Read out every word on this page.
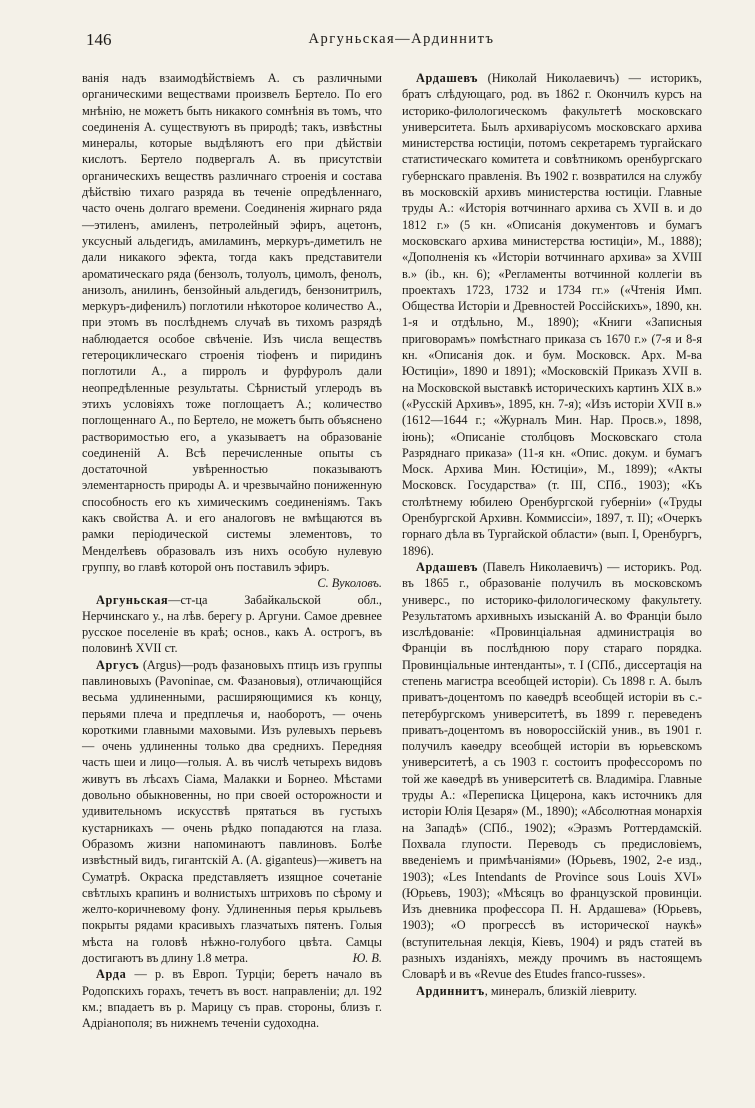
146	Аргуньская—Ардиннитъ

ванія надъ взаимодѣйствіемъ А. съ различными органическими веществами произвелъ Бертело. По его мнѣнію, не можетъ быть никакого сомнѣнія въ томъ, что соединенія А. существуютъ въ природѣ; такъ, извѣстны минералы, которые выдѣляютъ его при дѣйствіи кислотъ. Бертело подвергалъ А. въ присутствіи органическихъ веществъ различнаго строенія и состава дѣйствію тихаго разряда въ теченіе опредѣленнаго, часто очень долгаго времени. Соединенія жирнаго ряда—этиленъ, амиленъ, петролейный эфиръ, ацетонъ, уксусный альдегидъ, амиламинъ, меркуръ-диметилъ не дали никакого эфекта, тогда какъ представители ароматическаго ряда (бензолъ, толуолъ, цимолъ, фенолъ, анизолъ, анилинъ, бензойный альдегидъ, бензонитрилъ, меркуръ-дифенилъ) поглотили нѣкоторое количество А., при этомъ въ послѣднемъ случаѣ въ тихомъ разрядѣ наблюдается особое свѣченіе. Изъ числа веществъ гетероциклическаго строенія тіофенъ и пиридинъ поглотили А., а пирролъ и фурфуролъ дали неопредѣленные результаты. Сѣрнистый углеродъ въ этихъ условіяхъ тоже поглощаетъ А.; количество поглощеннаго А., по Бертело, не можетъ быть объяснено растворимостью его, а указываетъ на образованіе соединеній А. Всѣ перечисленные опыты съ достаточной увѣренностью показываютъ элементарность природы А. и чрезвычайно пониженную способность его къ химическимъ соединеніямъ. Такъ какъ свойства А. и его аналоговъ не вмѣщаются въ рамки періодической системы элементовъ, то Менделѣевъ образовалъ изъ нихъ особую нулевую группу, во главѣ которой онъ поставилъ эфиръ.

С. Вуколовъ.

Аргуньская—ст-ца Забайкальской обл., Нерчинскаго у., на лѣв. берегу р. Аргуни. Самое древнее русское поселеніе въ краѣ; основ., какъ А. острогъ, въ половинѣ XVII ст.

Аргусъ (Argus)—родъ фазановыхъ птицъ изъ группы павлиновыхъ (Pavoninae, см. Фазановыя), отличающійся весьма удлиненными, расширяющимися къ концу, перьями плеча и предплечья и, наоборотъ, — очень короткими главными маховыми. Изъ рулевыхъ перьевъ— очень удлиненны только два среднихъ. Передняя часть шеи и лицо—голыя. А. въ числѣ четырехъ видовъ живутъ въ лѣсахъ Сіама, Малакки и Борнео. Мѣстами довольно обыкновенны, но при своей осторожности и удивительномъ искусствѣ прятаться въ густыхъ кустарникахъ — очень рѣдко попадаются на глаза. Образомъ жизни напоминаютъ павлиновъ. Болѣе извѣстный видъ, гигантскій А. (A. giganteus)—живетъ на Суматрѣ. Окраска представляетъ изящное сочетаніе свѣтлыхъ крапинъ и волнистыхъ штриховъ по сѣрому и желто-коричневому фону. Удлиненныя перья крыльевъ покрыты рядами красивыхъ глазчатыхъ пятенъ. Голыя мѣста на головѣ нѣжно-голубого цвѣта. Самцы достигаютъ въ длину 1.8 метра.	Ю. В.

Арда — р. въ Европ. Турціи; беретъ начало въ Родопскихъ горахъ, течетъ въ вост. направленіи; дл. 192 км.; впадаетъ въ р. Марицу съ прав. стороны, близъ г. Адріанополя; въ нижнемъ теченіи судоходна.

Ардашевъ (Николай Николаевичъ) — историкъ, братъ слѣдующаго, род. въ 1862 г. Окончилъ курсъ на историко-филологическомъ факультетѣ московскаго университета. Былъ архиваріусомъ московскаго архива министерства юстиціи, потомъ секретаремъ тургайскаго статистическаго комитета и совѣтникомъ оренбургскаго губернскаго правленія. Въ 1902 г. возвратился на службу въ московскій архивъ министерства юстиціи. Главные труды А.: «Исторія вотчиннаго архива съ XVII в. и до 1812 г.» (5 кн. «Описанія документовъ и бумагъ московскаго архива министерства юстиціи», М., 1888); «Дополненія къ «Исторіи вотчиннаго архива» за XVIII в.» (ib., кн. 6); «Регламенты вотчинной коллегіи въ проектахъ 1723, 1732 и 1734 гг.» («Чтенія Имп. Общества Исторіи и Древностей Россійскихъ», 1890, кн. 1-я и отдѣльно, М., 1890); «Книги «Записныя приговорамъ» помѣстнаго приказа съ 1670 г.» (7-я и 8-я кн. «Описанія док. и бум. Московск. Арх. М-ва Юстиціи», 1890 и 1891); «Московскій Приказъ XVII в. на Московской выставкѣ историческихъ картинъ XIX в.» («Русскій Архивъ», 1895, кн. 7-я); «Изъ исторіи XVII в.» (1612—1644 г.; «Журналъ Мин. Нар. Просв.», 1898, іюнь); «Описаніе столбцовъ Московскаго стола Разряднаго приказа» (11-я кн. «Опис. докум. и бумагъ Моск. Архива Мин. Юстиціи», М., 1899); «Акты Московск. Государства» (т. III, СПб., 1903); «Къ столѣтнему юбилею Оренбургской губерніи» («Труды Оренбургской Архивн. Коммиссіи», 1897, т. II); «Очеркъ горнаго дѣла въ Тургайской области» (вып. I, Оренбургъ, 1896).

Ардашевъ (Павелъ Николаевичъ) — историкъ. Род. въ 1865 г., образованіе получилъ въ московскомъ универс., по историко-филологическому факультету. Результатомъ архивныхъ изысканій А. во Франціи было изслѣдованіе: «Провинціальная администрація во Франціи въ послѣднюю пору стараго порядка. Провинціальные интенданты», т. I (СПб., диссертація на степень магистра всеобщей исторіи). Съ 1898 г. А. былъ приватъ-доцентомъ по каѳедрѣ всеобщей исторіи въ с.-петербургскомъ университетѣ, въ 1899 г. переведенъ приватъ-доцентомъ въ новороссійскій унив., въ 1901 г. получилъ каѳедру всеобщей исторіи въ юрьевскомъ университетѣ, а съ 1903 г. состоитъ профессоромъ по той же каѳедрѣ въ университетѣ св. Владиміра. Главные труды А.: «Переписка Цицерона, какъ источникъ для исторіи Юлія Цезаря» (М., 1890); «Абсолютная монархія на Западѣ» (СПб., 1902); «Эразмъ Роттердамскій. Похвала глупости. Переводъ съ предисловіемъ, введеніемъ и примѣчаніями» (Юрьевъ, 1902, 2-е изд., 1903); «Les Intendants de Province sous Louis XVI» (Юрьевъ, 1903); «Мѣсяцъ во французской провинціи. Изъ дневника профессора П. Н. Ардашева» (Юрьевъ, 1903); «О прогрессѣ въ историческої наукѣ» (вступительная лекція, Кіевъ, 1904) и рядъ статей въ разныхъ изданіяхъ, между прочимъ въ настоящемъ Словарѣ и въ «Revue des Etudes franco-russes».

Ардиннитъ, минералъ, близкій ліевриту.
